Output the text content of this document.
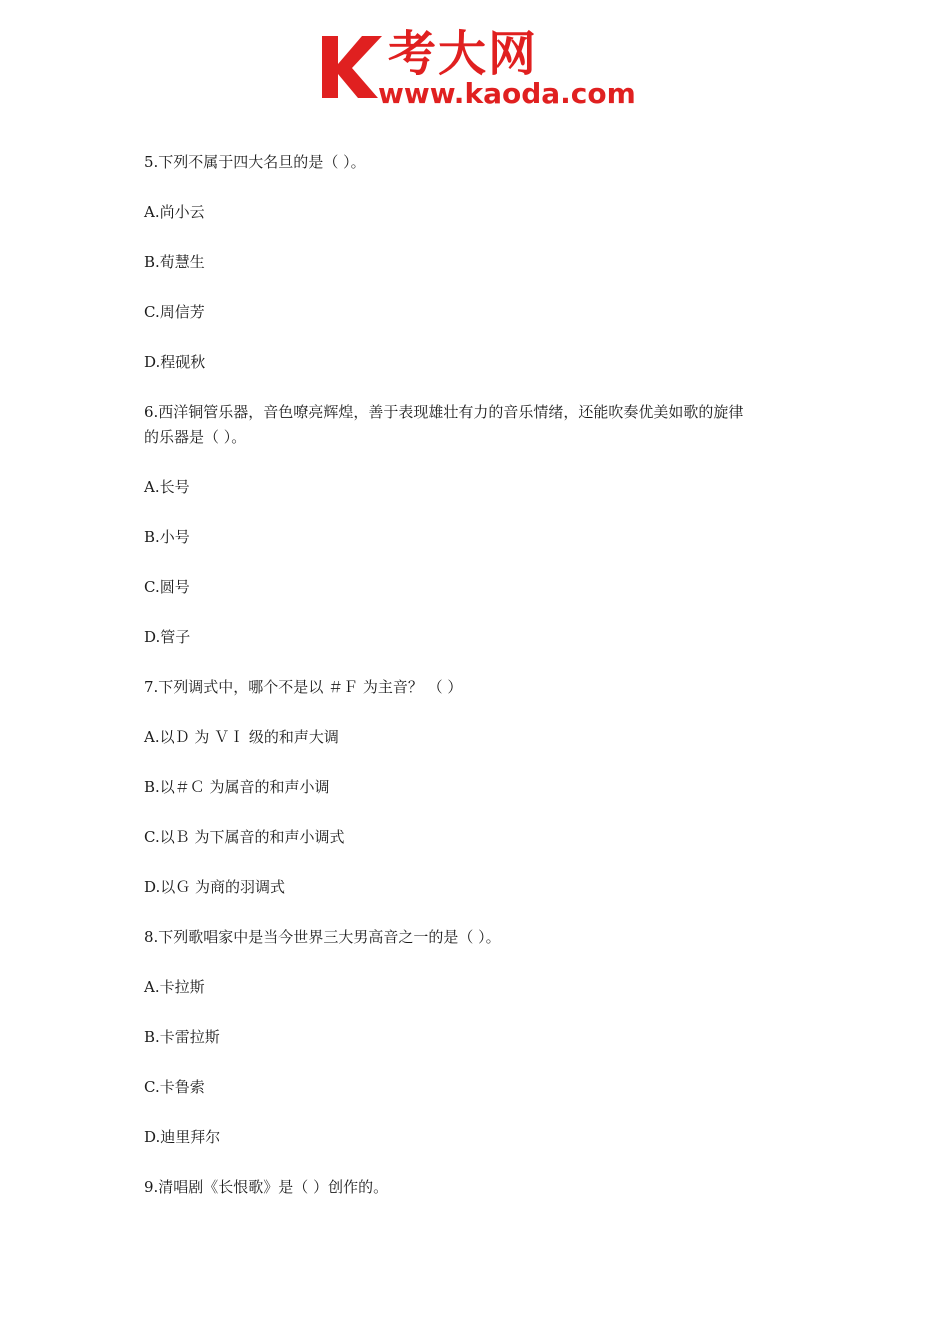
考大网
www.kaoda.com

5.下列不属于四大名旦的是（ ）。

A.尚小云

B.荀慧生

C.周信芳

D.程砚秋

6.西洋铜管乐器，音色嘹亮辉煌，善于表现雄壮有力的音乐情绪，还能吹奏优美如歌的旋律

的乐器是（ ）。

A.长号

B.小号

C.圆号

D.管子

7.下列调式中，哪个不是以 ＃Ｆ 为主音？ （ ）

A.以Ｄ 为 ＶＩ 级的和声大调

B.以＃Ｃ 为属音的和声小调

C.以Ｂ 为下属音的和声小调式

D.以Ｇ 为商的羽调式

8.下列歌唱家中是当今世界三大男高音之一的是（ ）。

A.卡拉斯

B.卡雷拉斯

C.卡鲁索

D.迪里拜尔

9.清唱剧《长恨歌》是（ ）创作的。
